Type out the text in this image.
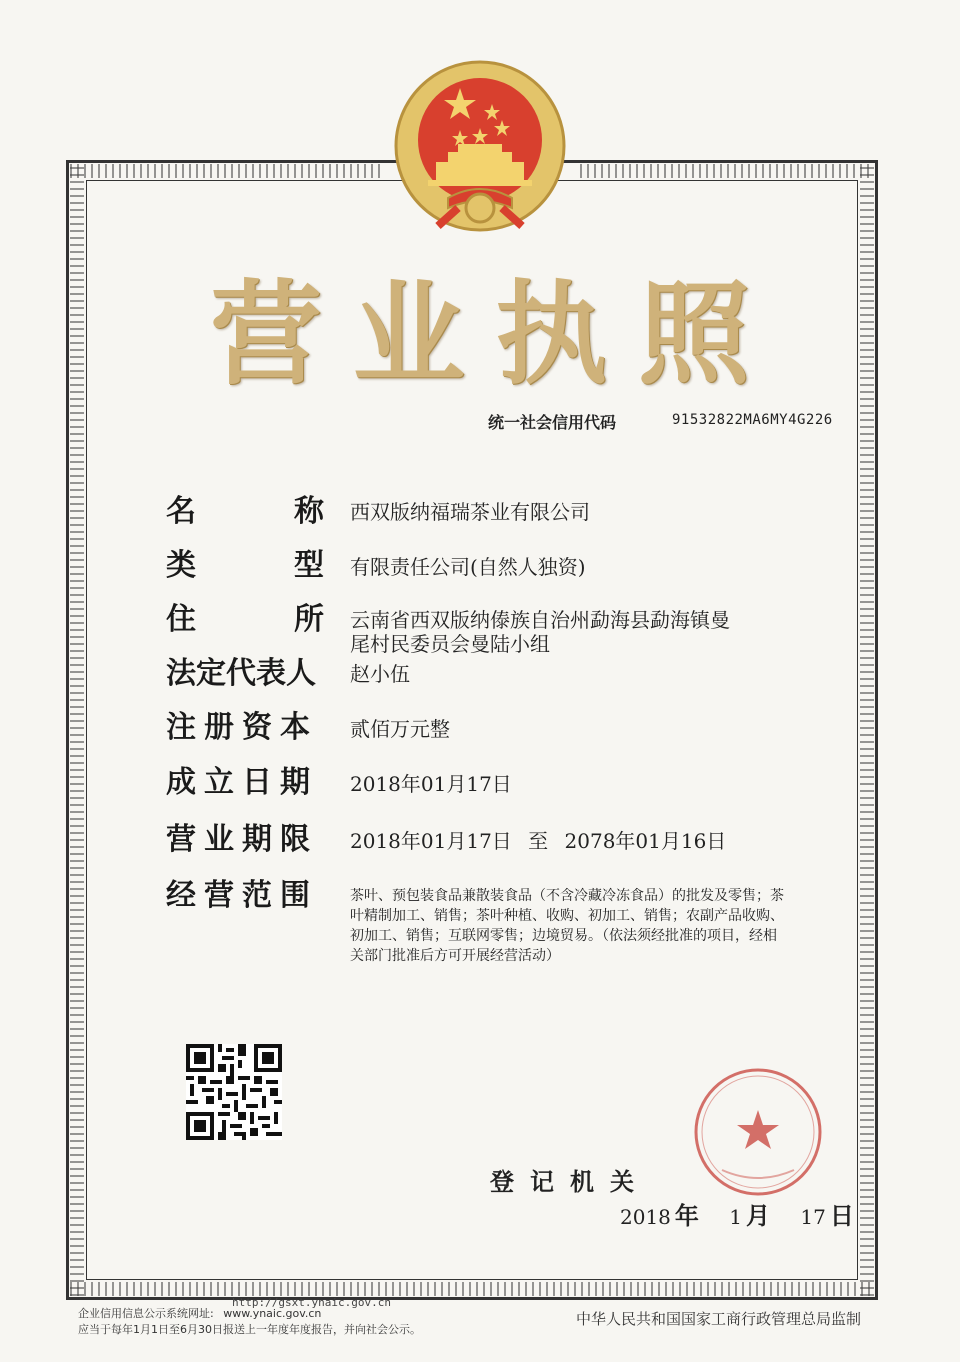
营 业 执 照
统一社会信用代码	91532822MA6MY4G226
名	称 西双版纳福瑞茶业有限公司
类	型 有限责任公司(自然人独资)
住	所 云南省西双版纳傣族自治州勐海县勐海镇曼
尾村民委员会曼陆小组
法定代表人 赵小伍
注册资本 贰佰万元整
成立日期 2018年01月17日
营业期限 2018年01月17日 至 2078年01月16日
经营范围 茶叶、预包装食品兼散装食品（不含冷藏冷冻食品）的批发及零售；茶叶精制加工、销售；茶叶种植、收购、初加工、销售；农副产品收购、初加工、销售；互联网零售；边境贸易。（依法须经批准的项目，经相关部门批准后方可开展经营活动）
登记机关
2018 年 1 月 17 日
http://gsxt.ynaic.gov.cn
企业信用信息公示系统网址: www.ynaic.gov.cn
应当于每年1月1日至6月30日报送上一年度年度报告，并向社会公示。
中华人民共和国国家工商行政管理总局监制
